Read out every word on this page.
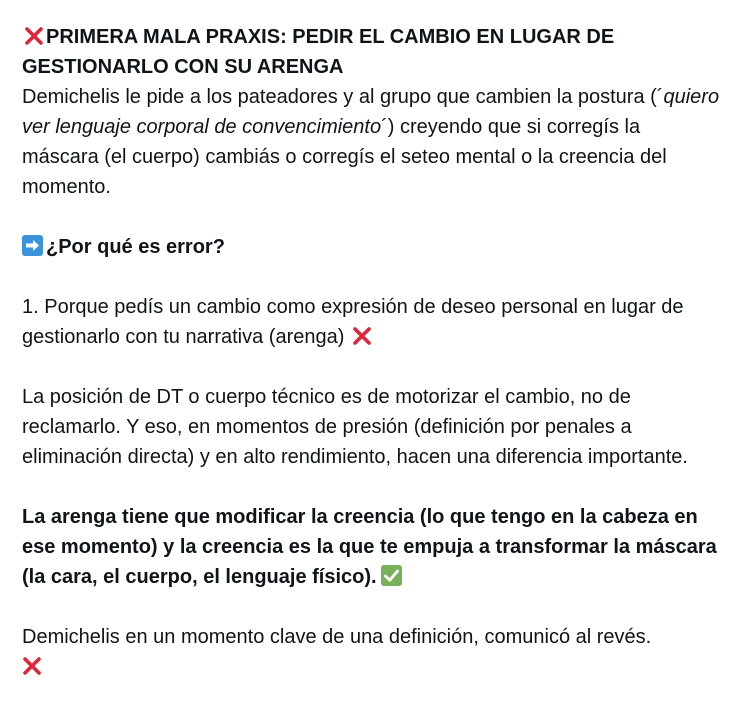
PRIMERA MALA PRAXIS: PEDIR EL CAMBIO EN LUGAR DE GESTIONARLO CON SU ARENGA

Demichelis le pide a los pateadores y al grupo que cambien la postura (´quiero ver lenguaje corporal de convencimiento´) creyendo que si corregís la máscara (el cuerpo) cambiás o corregís el seteo mental o la creencia del momento.

¿Por qué es error?

1. Porque pedís un cambio como expresión de deseo personal en lugar de gestionarlo con tu narrativa (arenga)

La posición de DT o cuerpo técnico es de motorizar el cambio, no de reclamarlo. Y eso, en momentos de presión (definición por penales a eliminación directa) y en alto rendimiento, hacen una diferencia importante.

La arenga tiene que modificar la creencia (lo que tengo en la cabeza en ese momento) y la creencia es la que te empuja a transformar la máscara (la cara, el cuerpo, el lenguaje físico).

Demichelis en un momento clave de una definición, comunicó al revés.
